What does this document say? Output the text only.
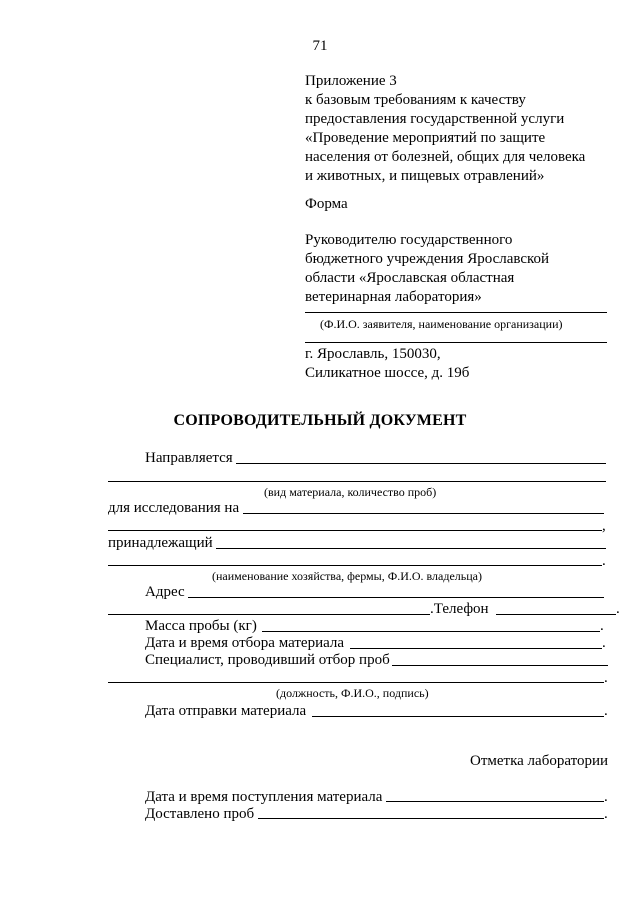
71
Приложение 3
к базовым требованиям к качеству
предоставления государственной услуги
«Проведение мероприятий по защите
населения от болезней, общих для человека
и животных, и пищевых отравлений»
Форма
Руководителю государственного
бюджетного учреждения Ярославской
области «Ярославская областная
ветеринарная лаборатория»
(Ф.И.О. заявителя, наименование организации)
г. Ярославль, 150030,
Силикатное шоссе, д. 19б
СОПРОВОДИТЕЛЬНЫЙ ДОКУМЕНТ
Направляется
(вид материала, количество проб)
для исследования на
,
принадлежащий
.
(наименование хозяйства, фермы, Ф.И.О. владельца)
Адрес
.Телефон	.
Масса пробы (кг)	.
Дата и время отбора материала	.
Специалист, проводивший отбор проб
.
(должность, Ф.И.О., подпись)
Дата отправки материала	.
Отметка лаборатории
Дата и время поступления материала	.
Доставлено проб	.
